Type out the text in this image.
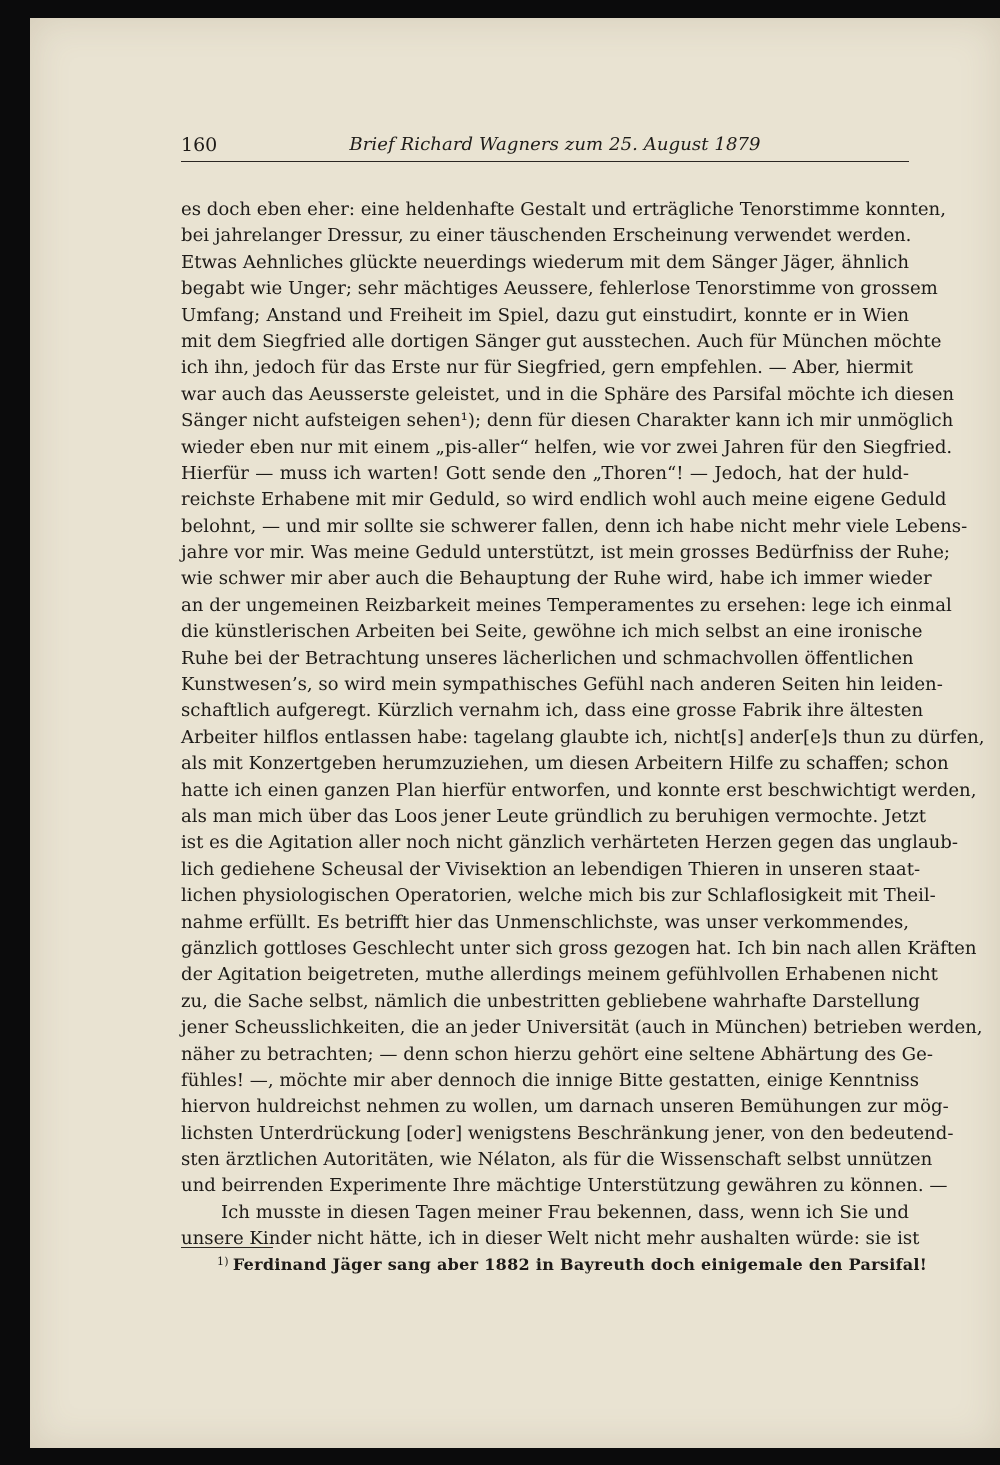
160	Brief Richard Wagners zum 25. August 1879
es doch eben eher: eine heldenhafte Gestalt und erträgliche Tenorstimme konnten,
bei jahrelanger Dressur, zu einer täuschenden Erscheinung verwendet werden.
Etwas Aehnliches glückte neuerdings wiederum mit dem Sänger Jäger, ähnlich
begabt wie Unger; sehr mächtiges Aeussere, fehlerlose Tenorstimme von grossem
Umfang; Anstand und Freiheit im Spiel, dazu gut einstudirt, konnte er in Wien
mit dem Siegfried alle dortigen Sänger gut ausstechen. Auch für München möchte
ich ihn, jedoch für das Erste nur für Siegfried, gern empfehlen. — Aber, hiermit
war auch das Aeusserste geleistet, und in die Sphäre des Parsifal möchte ich diesen
Sänger nicht aufsteigen sehen¹); denn für diesen Charakter kann ich mir unmöglich
wieder eben nur mit einem „pis-aller“ helfen, wie vor zwei Jahren für den Siegfried.
Hierfür — muss ich warten! Gott sende den „Thoren“! — Jedoch, hat der huld-
reichste Erhabene mit mir Geduld, so wird endlich wohl auch meine eigene Geduld
belohnt, — und mir sollte sie schwerer fallen, denn ich habe nicht mehr viele Lebens-
jahre vor mir. Was meine Geduld unterstützt, ist mein grosses Bedürfniss der Ruhe;
wie schwer mir aber auch die Behauptung der Ruhe wird, habe ich immer wieder
an der ungemeinen Reizbarkeit meines Temperamentes zu ersehen: lege ich einmal
die künstlerischen Arbeiten bei Seite, gewöhne ich mich selbst an eine ironische
Ruhe bei der Betrachtung unseres lächerlichen und schmachvollen öffentlichen
Kunstwesen’s, so wird mein sympathisches Gefühl nach anderen Seiten hin leiden-
schaftlich aufgeregt. Kürzlich vernahm ich, dass eine grosse Fabrik ihre ältesten
Arbeiter hilflos entlassen habe: tagelang glaubte ich, nicht[s] ander[e]s thun zu dürfen,
als mit Konzertgeben herumzuziehen, um diesen Arbeitern Hilfe zu schaffen; schon
hatte ich einen ganzen Plan hierfür entworfen, und konnte erst beschwichtigt werden,
als man mich über das Loos jener Leute gründlich zu beruhigen vermochte. Jetzt
ist es die Agitation aller noch nicht gänzlich verhärteten Herzen gegen das unglaub-
lich gediehene Scheusal der Vivisektion an lebendigen Thieren in unseren staat-
lichen physiologischen Operatorien, welche mich bis zur Schlaflosigkeit mit Theil-
nahme erfüllt. Es betrifft hier das Unmenschlichste, was unser verkommendes,
gänzlich gottloses Geschlecht unter sich gross gezogen hat. Ich bin nach allen Kräften
der Agitation beigetreten, muthe allerdings meinem gefühlvollen Erhabenen nicht
zu, die Sache selbst, nämlich die unbestritten gebliebene wahrhafte Darstellung
jener Scheusslichkeiten, die an jeder Universität (auch in München) betrieben werden,
näher zu betrachten; — denn schon hierzu gehört eine seltene Abhärtung des Ge-
fühles! —, möchte mir aber dennoch die innige Bitte gestatten, einige Kenntniss
hiervon huldreichst nehmen zu wollen, um darnach unseren Bemühungen zur mög-
lichsten Unterdrückung [oder] wenigstens Beschränkung jener, von den bedeutend-
sten ärztlichen Autoritäten, wie Nélaton, als für die Wissenschaft selbst unnützen
und beirrenden Experimente Ihre mächtige Unterstützung gewähren zu können. —
Ich musste in diesen Tagen meiner Frau bekennen, dass, wenn ich Sie und
unsere Kinder nicht hätte, ich in dieser Welt nicht mehr aushalten würde: sie ist
$^{1)}$ Ferdinand Jäger sang aber 1882 in Bayreuth doch einigemale den Parsifal!
